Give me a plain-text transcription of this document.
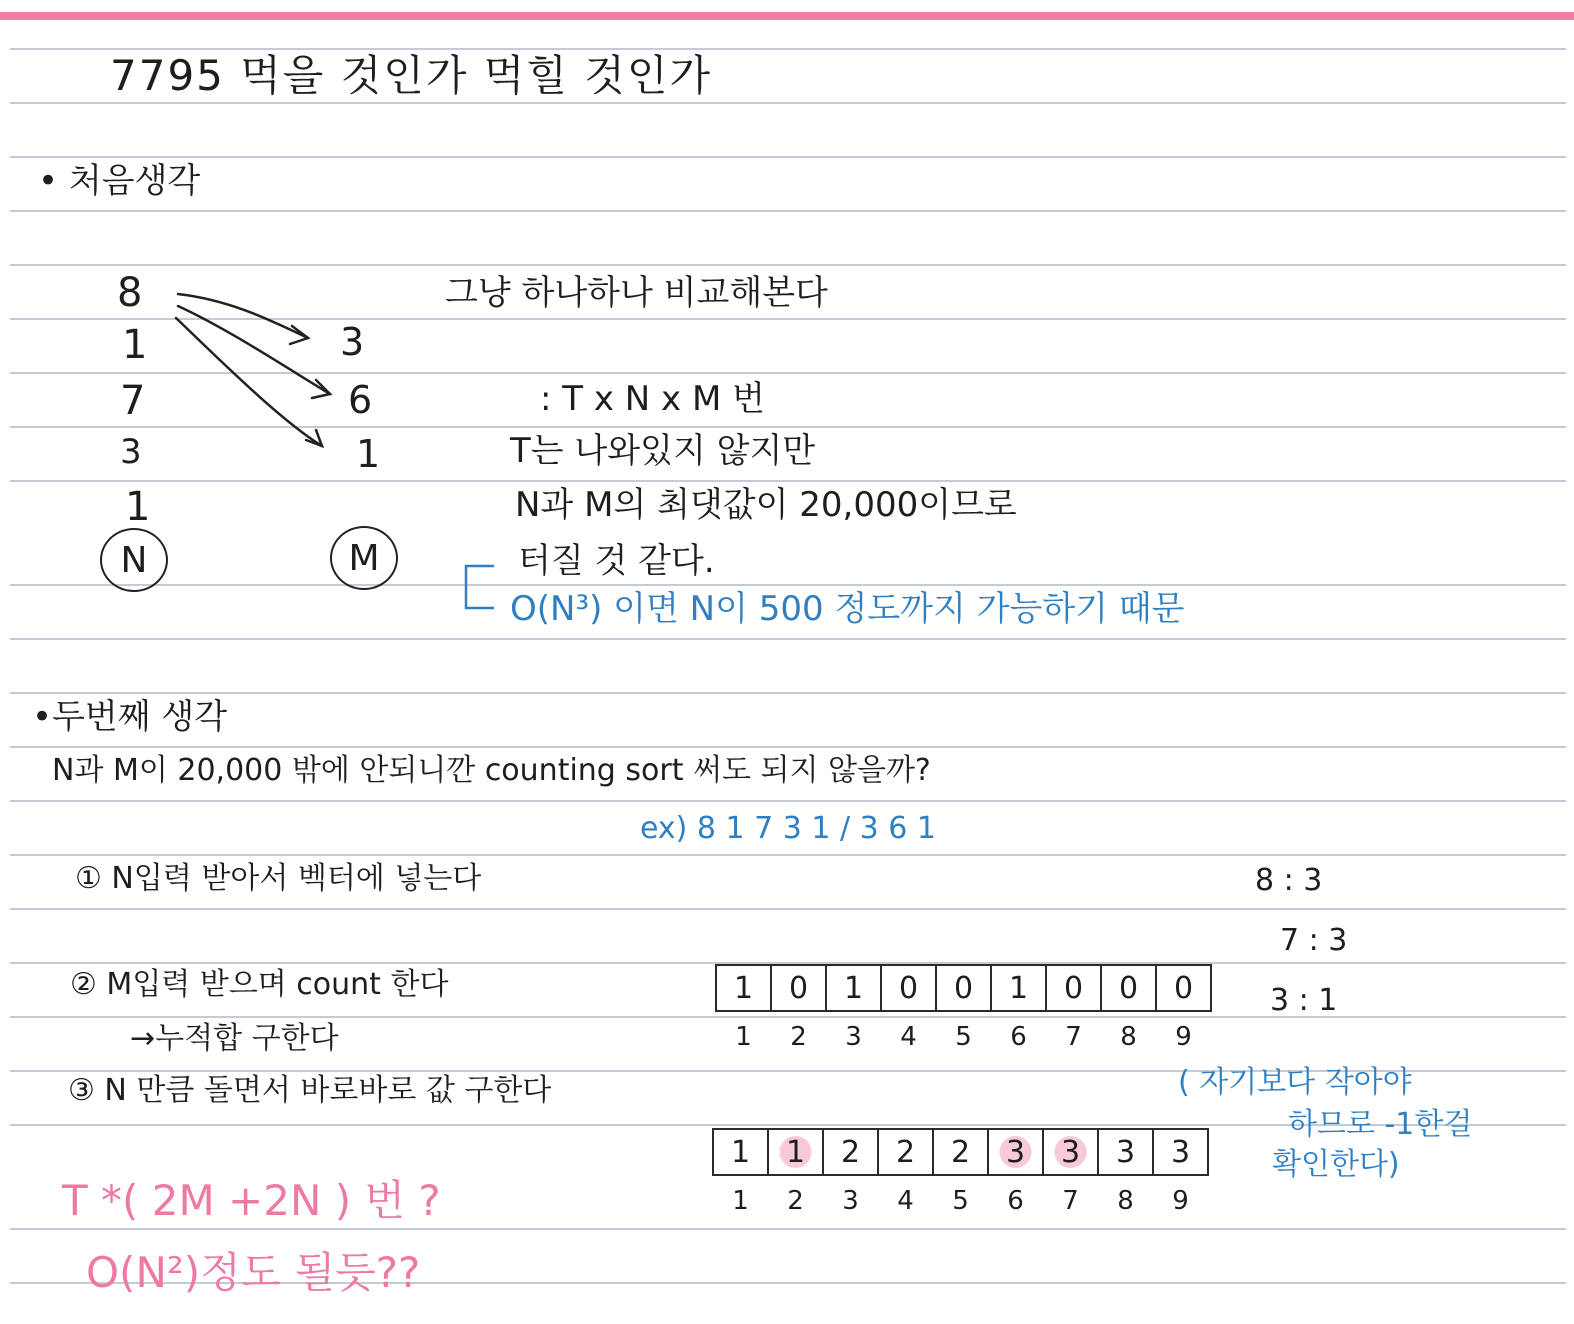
7795 먹을 것인가 먹힐 것인가
• 처음생각
8
1
7
3
1
N
3
6
1
M
그냥 하나하나 비교해본다
: T x N x M 번
T는 나와있지 않지만
N과 M의 최댓값이 20,000이므로
터질 것 같다.
O(N³) 이면 N이 500 정도까지 가능하기 때문
•두번째 생각
N과 M이 20,000 밖에 안되니깐 counting sort 써도 되지 않을까?
ex) 8 1 7 3 1 / 3 6 1
① N입력 받아서 벡터에 넣는다
② M입력 받으며 count 한다
→누적합 구한다
③ N 만큼 돌면서 바로바로 값 구한다
8 : 3
7 : 3
3 : 1
1	0	1	0	0	1	0	0	0
1	2	3	4	5	6	7	8	9
1	1	2	2	2	3	3	3	3
1	2	3	4	5	6	7	8	9
( 자기보다 작아야
하므로 -1한걸
확인한다)
T *( 2M +2N ) 번 ?
O(N²)정도 될듯??
